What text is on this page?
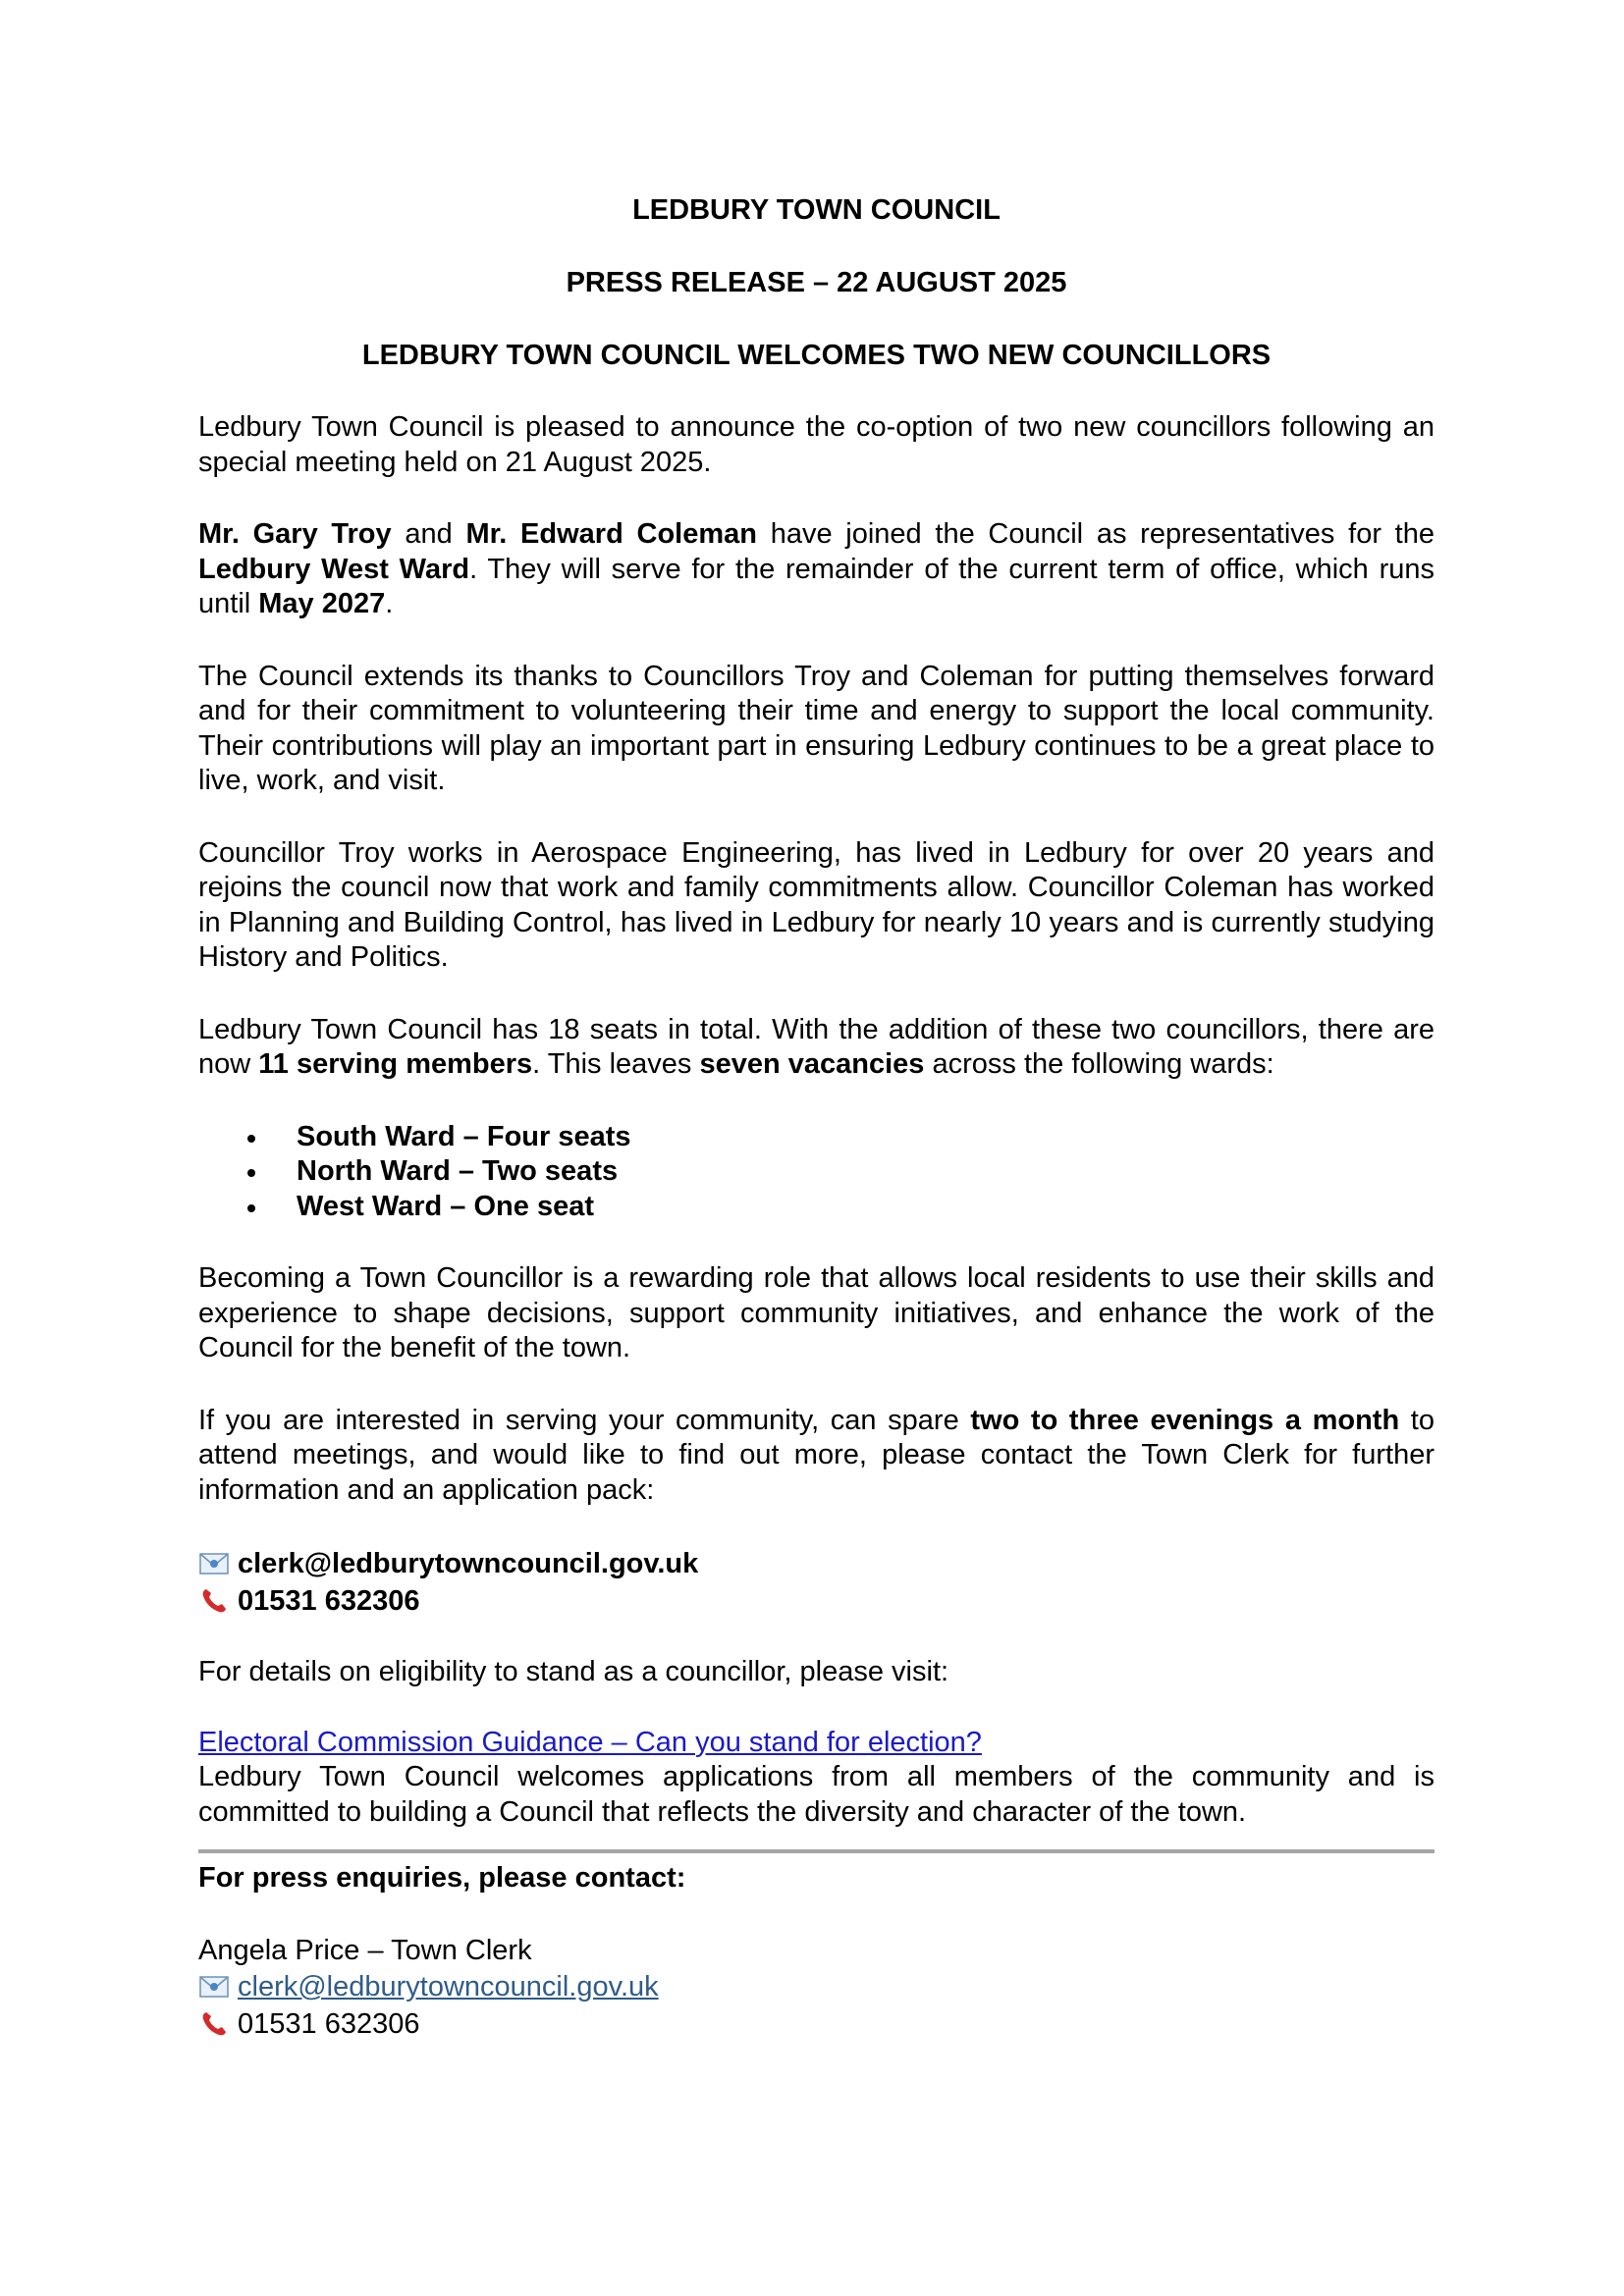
LEDBURY TOWN COUNCIL

PRESS RELEASE – 22 AUGUST 2025

LEDBURY TOWN COUNCIL WELCOMES TWO NEW COUNCILLORS

Ledbury Town Council is pleased to announce the co-option of two new councillors following an special meeting held on 21 August 2025.

Mr. Gary Troy and Mr. Edward Coleman have joined the Council as representatives for the Ledbury West Ward. They will serve for the remainder of the current term of office, which runs until May 2027.

The Council extends its thanks to Councillors Troy and Coleman for putting themselves forward and for their commitment to volunteering their time and energy to support the local community. Their contributions will play an important part in ensuring Ledbury continues to be a great place to live, work, and visit.

Councillor Troy works in Aerospace Engineering, has lived in Ledbury for over 20 years and rejoins the council now that work and family commitments allow. Councillor Coleman has worked in Planning and Building Control, has lived in Ledbury for nearly 10 years and is currently studying History and Politics.

Ledbury Town Council has 18 seats in total. With the addition of these two councillors, there are now 11 serving members. This leaves seven vacancies across the following wards:

South Ward – Four seats
North Ward – Two seats
West Ward – One seat

Becoming a Town Councillor is a rewarding role that allows local residents to use their skills and experience to shape decisions, support community initiatives, and enhance the work of the Council for the benefit of the town.

If you are interested in serving your community, can spare two to three evenings a month to attend meetings, and would like to find out more, please contact the Town Clerk for further information and an application pack:

clerk@ledburytowncouncil.gov.uk
01531 632306

For details on eligibility to stand as a councillor, please visit:

Electoral Commission Guidance – Can you stand for election?

Ledbury Town Council welcomes applications from all members of the community and is committed to building a Council that reflects the diversity and character of the town.

For press enquiries, please contact:

Angela Price – Town Clerk

clerk@ledburytowncouncil.gov.uk
01531 632306
